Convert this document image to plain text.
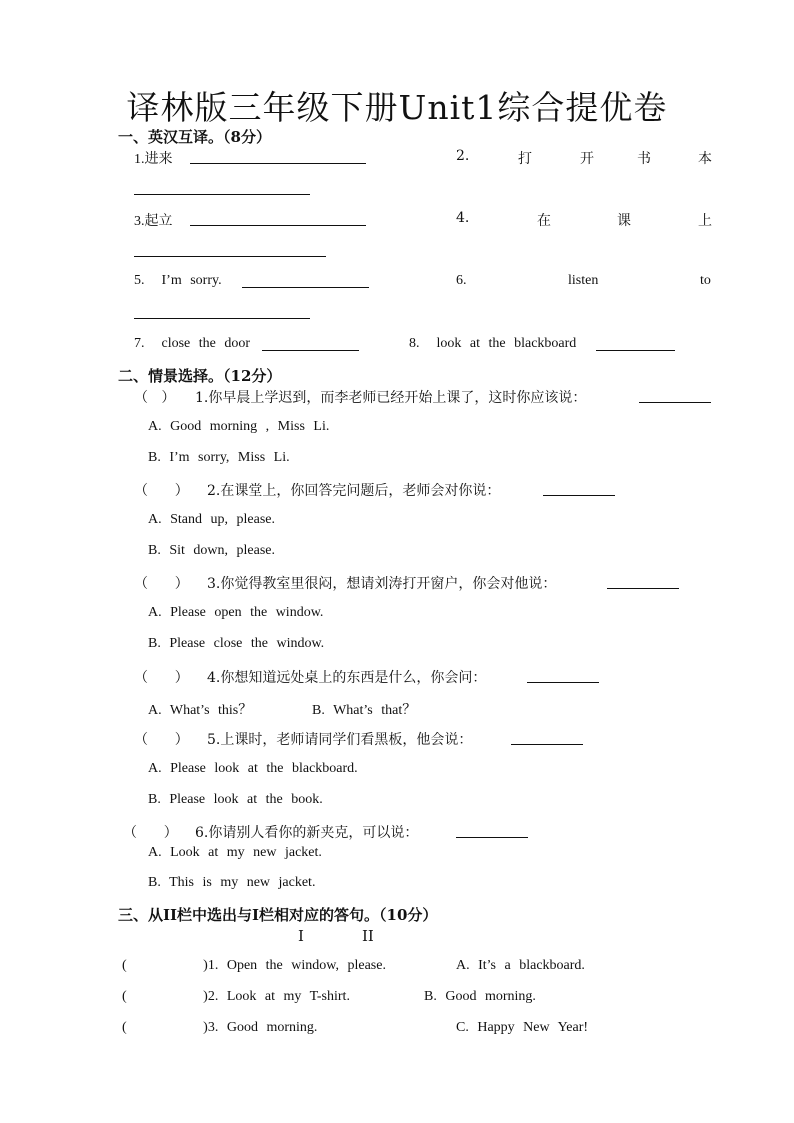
译林版三年级下册Unit1综合提优卷
一、英汉互译。（8分）
1.进来	2.	打	开	书	本
3.起立	4.	在	课	上
5. I’m sorry.	6.	listen	to
7. close the door	8. look at the blackboard
二、情景选择。（12分）
（ ） 1.你早晨上学迟到，而李老师已经开始上课了，这时你应该说：
A. Good morning , Miss Li.
B. I’m sorry, Miss Li.
（ ） 2.在课堂上，你回答完问题后，老师会对你说：
A. Stand up, please.
B. Sit down, please.
（ ） 3.你觉得教室里很闷，想请刘涛打开窗户，你会对他说：
A. Please open the window.
B. Please close the window.
（ ） 4.你想知道远处桌上的东西是什么，你会问：
A. What’s this？	B. What’s that？
（ ） 5.上课时，老师请同学们看黑板，他会说：
A. Please look at the blackboard.
B. Please look at the book.
（ ） 6.你请别人看你的新夹克，可以说：
A. Look at my new jacket.
B. This is my new jacket.
三、从II栏中选出与I栏相对应的答句。（10分）
I	II
(	)1. Open the window, please.	A. It’s a blackboard.
(	)2. Look at my T-shirt.	B. Good morning.
(	)3. Good morning.	C. Happy New Year!
